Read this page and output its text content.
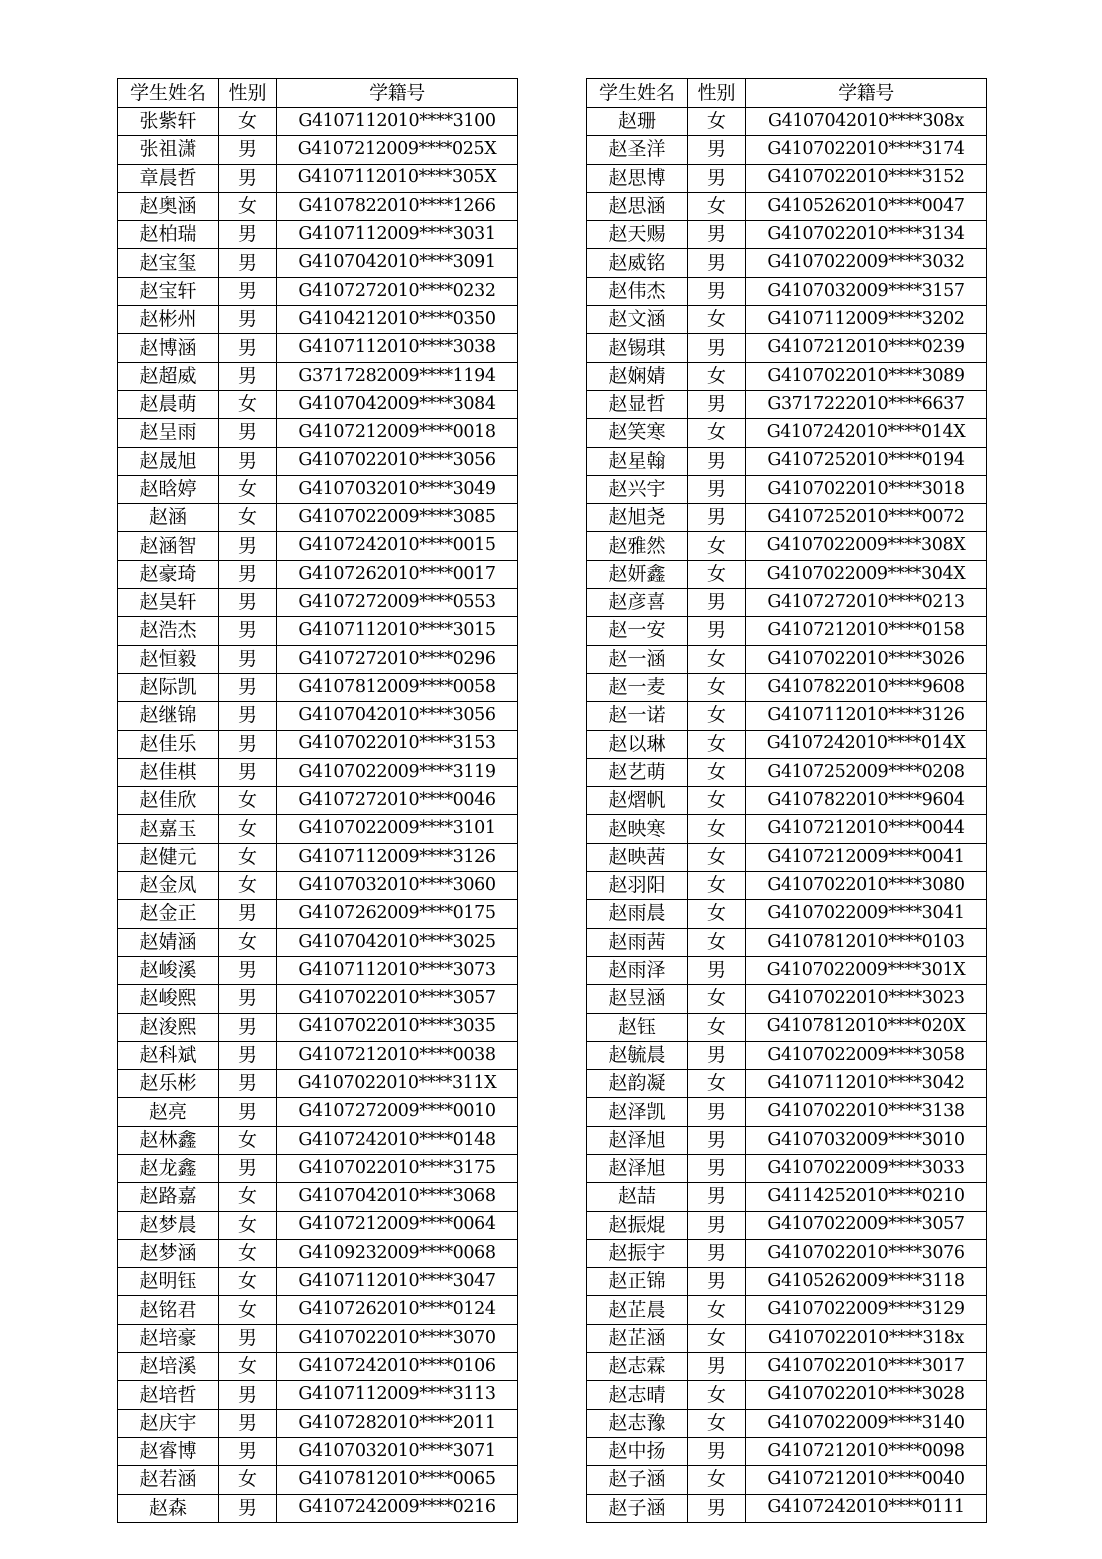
学生姓名	性别	学籍号
张紫轩	女	G4107112010****3100
张祖潇	男	G4107212009****025X
章晨哲	男	G4107112010****305X
赵奥涵	女	G4107822010****1266
赵柏瑞	男	G4107112009****3031
赵宝玺	男	G4107042010****3091
赵宝轩	男	G4107272010****0232
赵彬州	男	G4104212010****0350
赵博涵	男	G4107112010****3038
赵超威	男	G3717282009****1194
赵晨萌	女	G4107042009****3084
赵呈雨	男	G4107212009****0018
赵晟旭	男	G4107022010****3056
赵晗婷	女	G4107032010****3049
赵涵	女	G4107022009****3085
赵涵智	男	G4107242010****0015
赵豪琦	男	G4107262010****0017
赵昊轩	男	G4107272009****0553
赵浩杰	男	G4107112010****3015
赵恒毅	男	G4107272010****0296
赵际凯	男	G4107812009****0058
赵继锦	男	G4107042010****3056
赵佳乐	男	G4107022010****3153
赵佳棋	男	G4107022009****3119
赵佳欣	女	G4107272010****0046
赵嘉玉	女	G4107022009****3101
赵健元	女	G4107112009****3126
赵金凤	女	G4107032010****3060
赵金正	男	G4107262009****0175
赵婧涵	女	G4107042010****3025
赵峻溪	男	G4107112010****3073
赵峻熙	男	G4107022010****3057
赵浚熙	男	G4107022010****3035
赵科斌	男	G4107212010****0038
赵乐彬	男	G4107022010****311X
赵亮	男	G4107272009****0010
赵林鑫	女	G4107242010****0148
赵龙鑫	男	G4107022010****3175
赵路嘉	女	G4107042010****3068
赵梦晨	女	G4107212009****0064
赵梦涵	女	G4109232009****0068
赵明钰	女	G4107112010****3047
赵铭君	女	G4107262010****0124
赵培豪	男	G4107022010****3070
赵培溪	女	G4107242010****0106
赵培哲	男	G4107112009****3113
赵庆宇	男	G4107282010****2011
赵睿博	男	G4107032010****3071
赵若涵	女	G4107812010****0065
赵森	男	G4107242009****0216
学生姓名	性别	学籍号
赵珊	女	G4107042010****308x
赵圣洋	男	G4107022010****3174
赵思博	男	G4107022010****3152
赵思涵	女	G4105262010****0047
赵天赐	男	G4107022010****3134
赵威铭	男	G4107022009****3032
赵伟杰	男	G4107032009****3157
赵文涵	女	G4107112009****3202
赵锡琪	男	G4107212010****0239
赵娴婧	女	G4107022010****3089
赵显哲	男	G3717222010****6637
赵笑寒	女	G4107242010****014X
赵星翰	男	G4107252010****0194
赵兴宇	男	G4107022010****3018
赵旭尧	男	G4107252010****0072
赵雅然	女	G4107022009****308X
赵妍鑫	女	G4107022009****304X
赵彦喜	男	G4107272010****0213
赵一安	男	G4107212010****0158
赵一涵	女	G4107022010****3026
赵一麦	女	G4107822010****9608
赵一诺	女	G4107112010****3126
赵以琳	女	G4107242010****014X
赵艺萌	女	G4107252009****0208
赵熠帆	女	G4107822010****9604
赵映寒	女	G4107212010****0044
赵映茜	女	G4107212009****0041
赵羽阳	女	G4107022010****3080
赵雨晨	女	G4107022009****3041
赵雨茜	女	G4107812010****0103
赵雨泽	男	G4107022009****301X
赵昱涵	女	G4107022010****3023
赵钰	女	G4107812010****020X
赵毓晨	男	G4107022009****3058
赵韵凝	女	G4107112010****3042
赵泽凯	男	G4107022010****3138
赵泽旭	男	G4107032009****3010
赵泽旭	男	G4107022009****3033
赵喆	男	G4114252010****0210
赵振焜	男	G4107022009****3057
赵振宇	男	G4107022010****3076
赵正锦	男	G4105262009****3118
赵芷晨	女	G4107022009****3129
赵芷涵	女	G4107022010****318x
赵志霖	男	G4107022010****3017
赵志晴	女	G4107022010****3028
赵志豫	女	G4107022009****3140
赵中扬	男	G4107212010****0098
赵子涵	女	G4107212010****0040
赵子涵	男	G4107242010****0111
